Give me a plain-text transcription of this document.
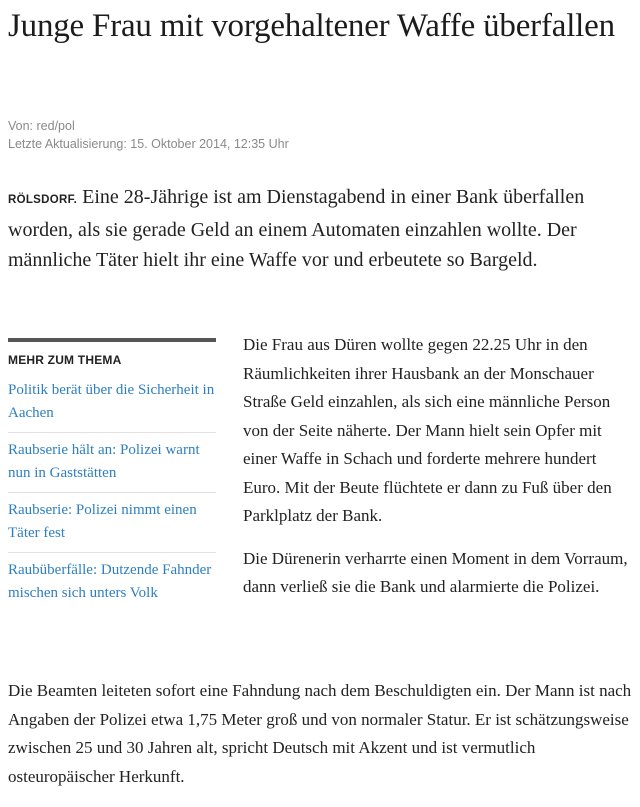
Junge Frau mit vorgehaltener Waffe überfallen
Von: red/pol
Letzte Aktualisierung: 15. Oktober 2014, 12:35 Uhr

RÖLSDORF. Eine 28-Jährige ist am Dienstagabend in einer Bank überfallen worden, als sie gerade Geld an einem Automaten einzahlen wollte. Der männliche Täter hielt ihr eine Waffe vor und erbeutete so Bargeld.

MEHR ZUM THEMA
Politik berät über die Sicherheit in Aachen
Raubserie hält an: Polizei warnt nun in Gaststätten
Raubserie: Polizei nimmt einen Täter fest
Raubüberfälle: Dutzende Fahnder mischen sich unters Volk

Die Frau aus Düren wollte gegen 22.25 Uhr in den Räumlichkeiten ihrer Hausbank an der Monschauer Straße Geld einzahlen, als sich eine männliche Person von der Seite näherte. Der Mann hielt sein Opfer mit einer Waffe in Schach und forderte mehrere hundert Euro. Mit der Beute flüchtete er dann zu Fuß über den Parklplatz der Bank.

Die Dürenerin verharrte einen Moment in dem Vorraum, dann verließ sie die Bank und alarmierte die Polizei.

Die Beamten leiteten sofort eine Fahndung nach dem Beschuldigten ein. Der Mann ist nach Angaben der Polizei etwa 1,75 Meter groß und von normaler Statur. Er ist schätzungsweise zwischen 25 und 30 Jahren alt, spricht Deutsch mit Akzent und ist vermutlich osteuropäischer Herkunft.
